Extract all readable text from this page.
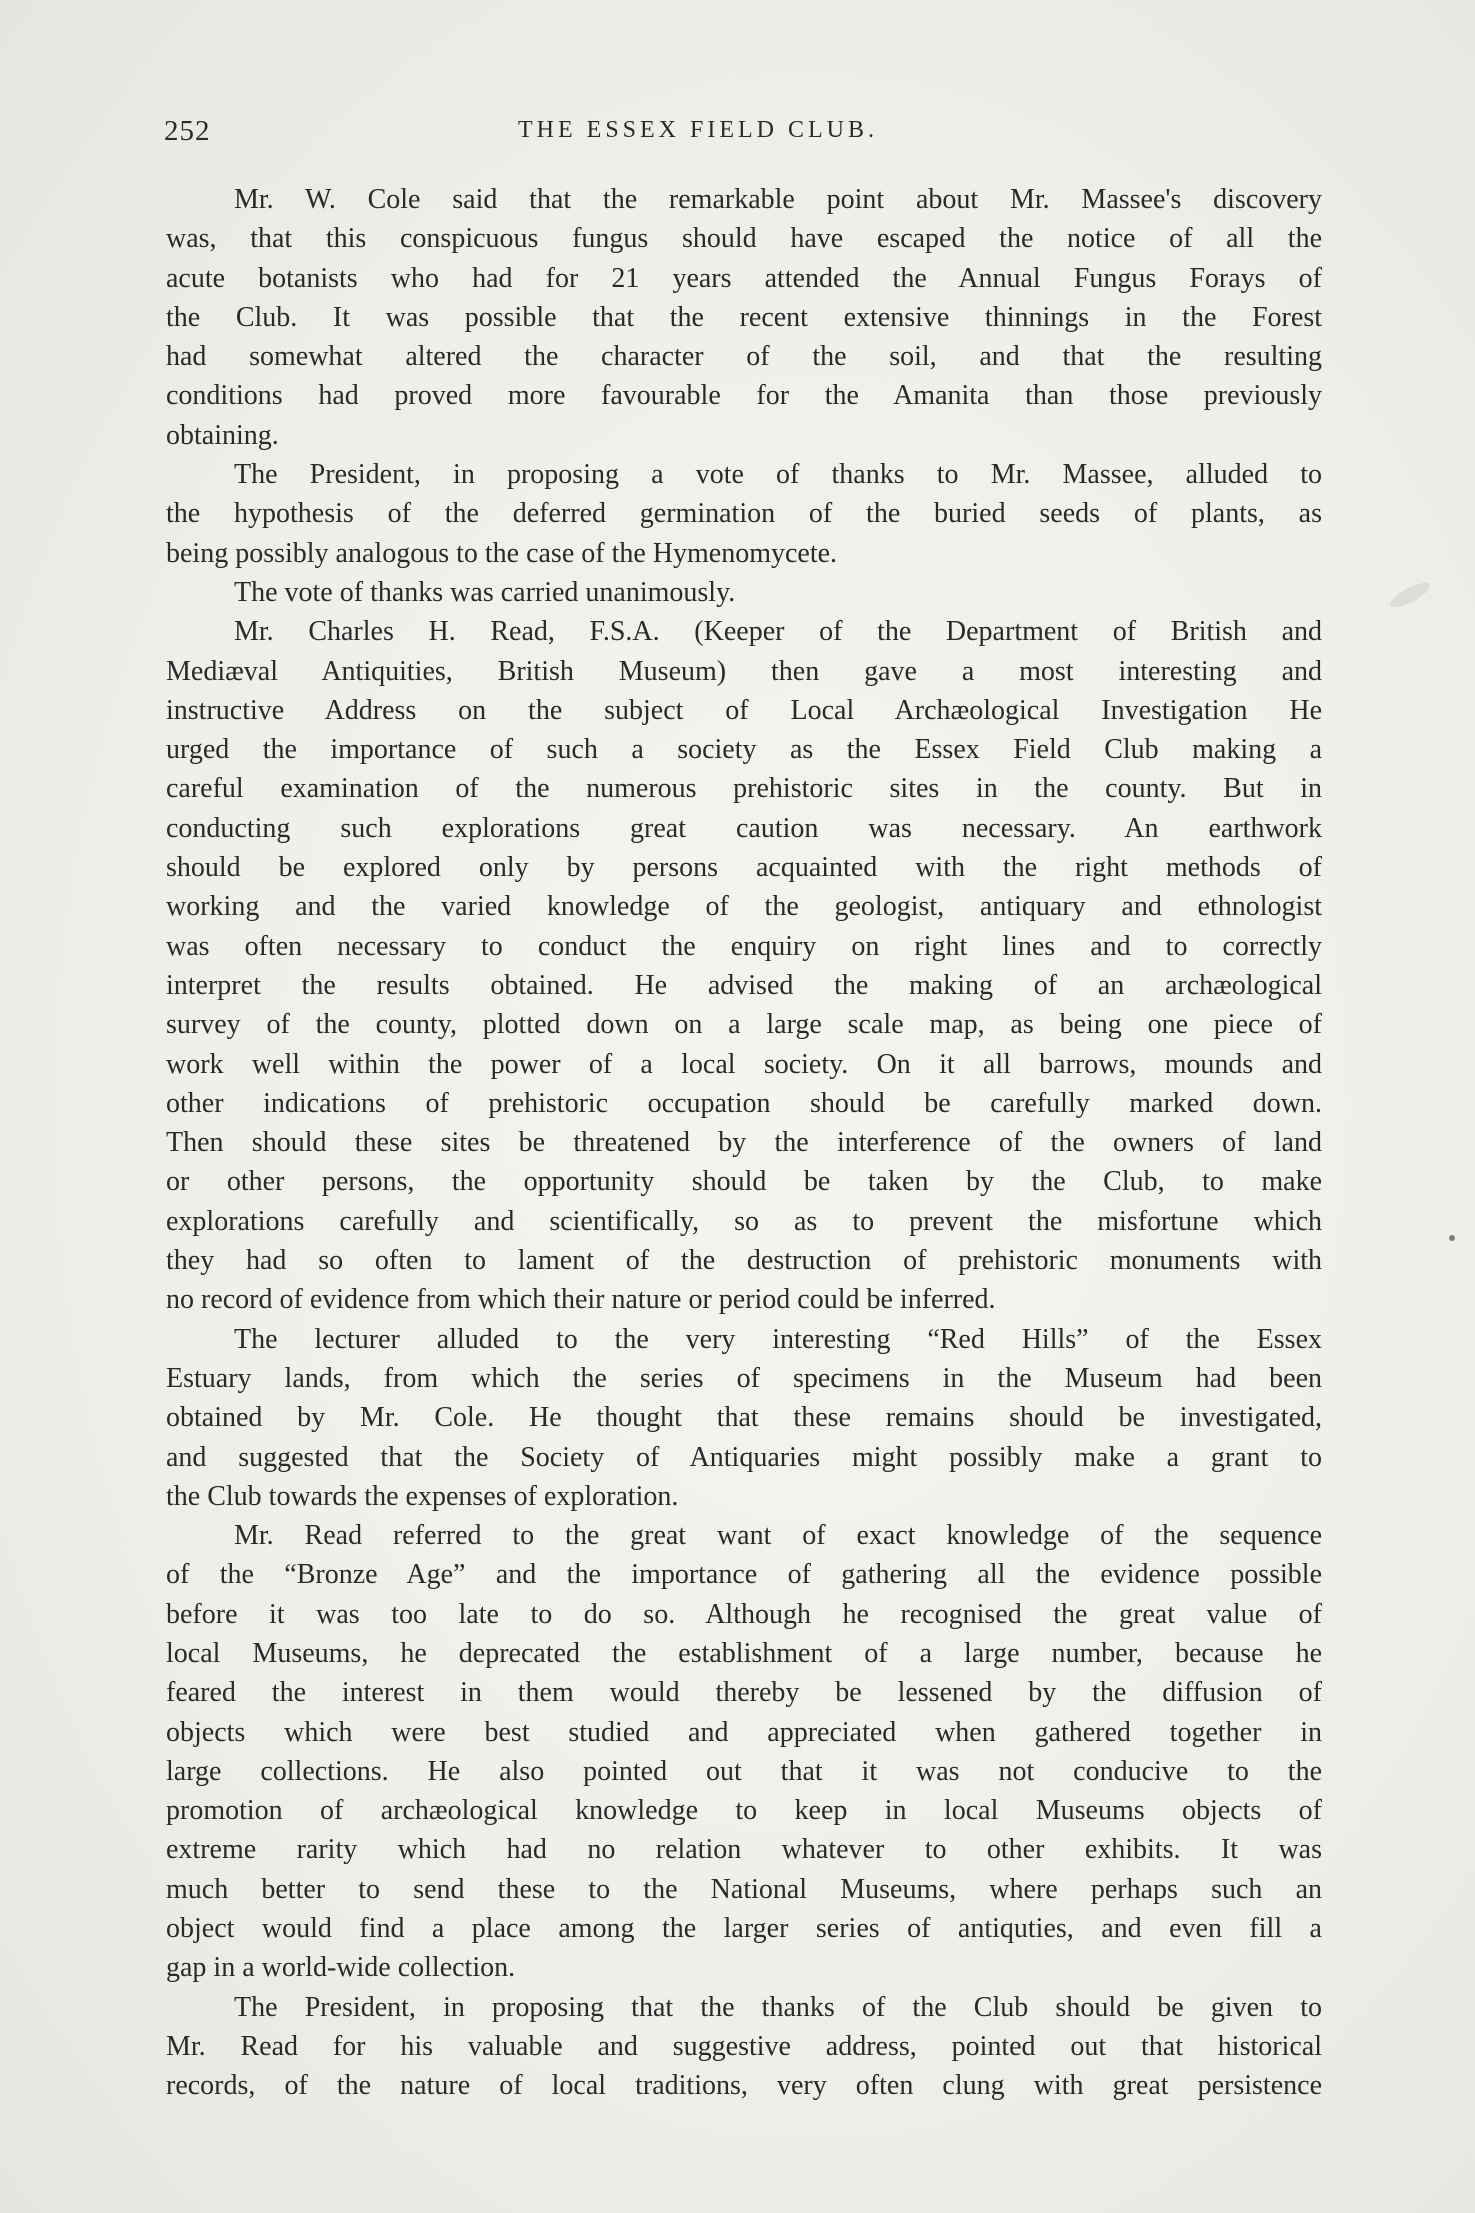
252	THE ESSEX FIELD CLUB.
Mr. W. Cole said that the remarkable point about Mr. Massee's discovery
was, that this conspicuous fungus should have escaped the notice of all the
acute botanists who had for 21 years attended the Annual Fungus Forays of
the Club. It was possible that the recent extensive thinnings in the Forest
had somewhat altered the character of the soil, and that the resulting
conditions had proved more favourable for the Amanita than those previously
obtaining.
The President, in proposing a vote of thanks to Mr. Massee, alluded to
the hypothesis of the deferred germination of the buried seeds of plants, as
being possibly analogous to the case of the Hymenomycete.
The vote of thanks was carried unanimously.
Mr. Charles H. Read, F.S.A. (Keeper of the Department of British and
Mediæval Antiquities, British Museum) then gave a most interesting and
instructive Address on the subject of Local Archæological Investigation He
urged the importance of such a society as the Essex Field Club making a
careful examination of the numerous prehistoric sites in the county. But in
conducting such explorations great caution was necessary. An earthwork
should be explored only by persons acquainted with the right methods of
working and the varied knowledge of the geologist, antiquary and ethnologist
was often necessary to conduct the enquiry on right lines and to correctly
interpret the results obtained. He advised the making of an archæological
survey of the county, plotted down on a large scale map, as being one piece of
work well within the power of a local society. On it all barrows, mounds and
other indications of prehistoric occupation should be carefully marked down.
Then should these sites be threatened by the interference of the owners of land
or other persons, the opportunity should be taken by the Club, to make
explorations carefully and scientifically, so as to prevent the misfortune which
they had so often to lament of the destruction of prehistoric monuments with
no record of evidence from which their nature or period could be inferred.
The lecturer alluded to the very interesting “Red Hills” of the Essex
Estuary lands, from which the series of specimens in the Museum had been
obtained by Mr. Cole. He thought that these remains should be investigated,
and suggested that the Society of Antiquaries might possibly make a grant to
the Club towards the expenses of exploration.
Mr. Read referred to the great want of exact knowledge of the sequence
of the “Bronze Age” and the importance of gathering all the evidence possible
before it was too late to do so. Although he recognised the great value of
local Museums, he deprecated the establishment of a large number, because he
feared the interest in them would thereby be lessened by the diffusion of
objects which were best studied and appreciated when gathered together in
large collections. He also pointed out that it was not conducive to the
promotion of archæological knowledge to keep in local Museums objects of
extreme rarity which had no relation whatever to other exhibits. It was
much better to send these to the National Museums, where perhaps such an
object would find a place among the larger series of antiquties, and even fill a
gap in a world-wide collection.
The President, in proposing that the thanks of the Club should be given to
Mr. Read for his valuable and suggestive address, pointed out that historical
records, of the nature of local traditions, very often clung with great persistence
